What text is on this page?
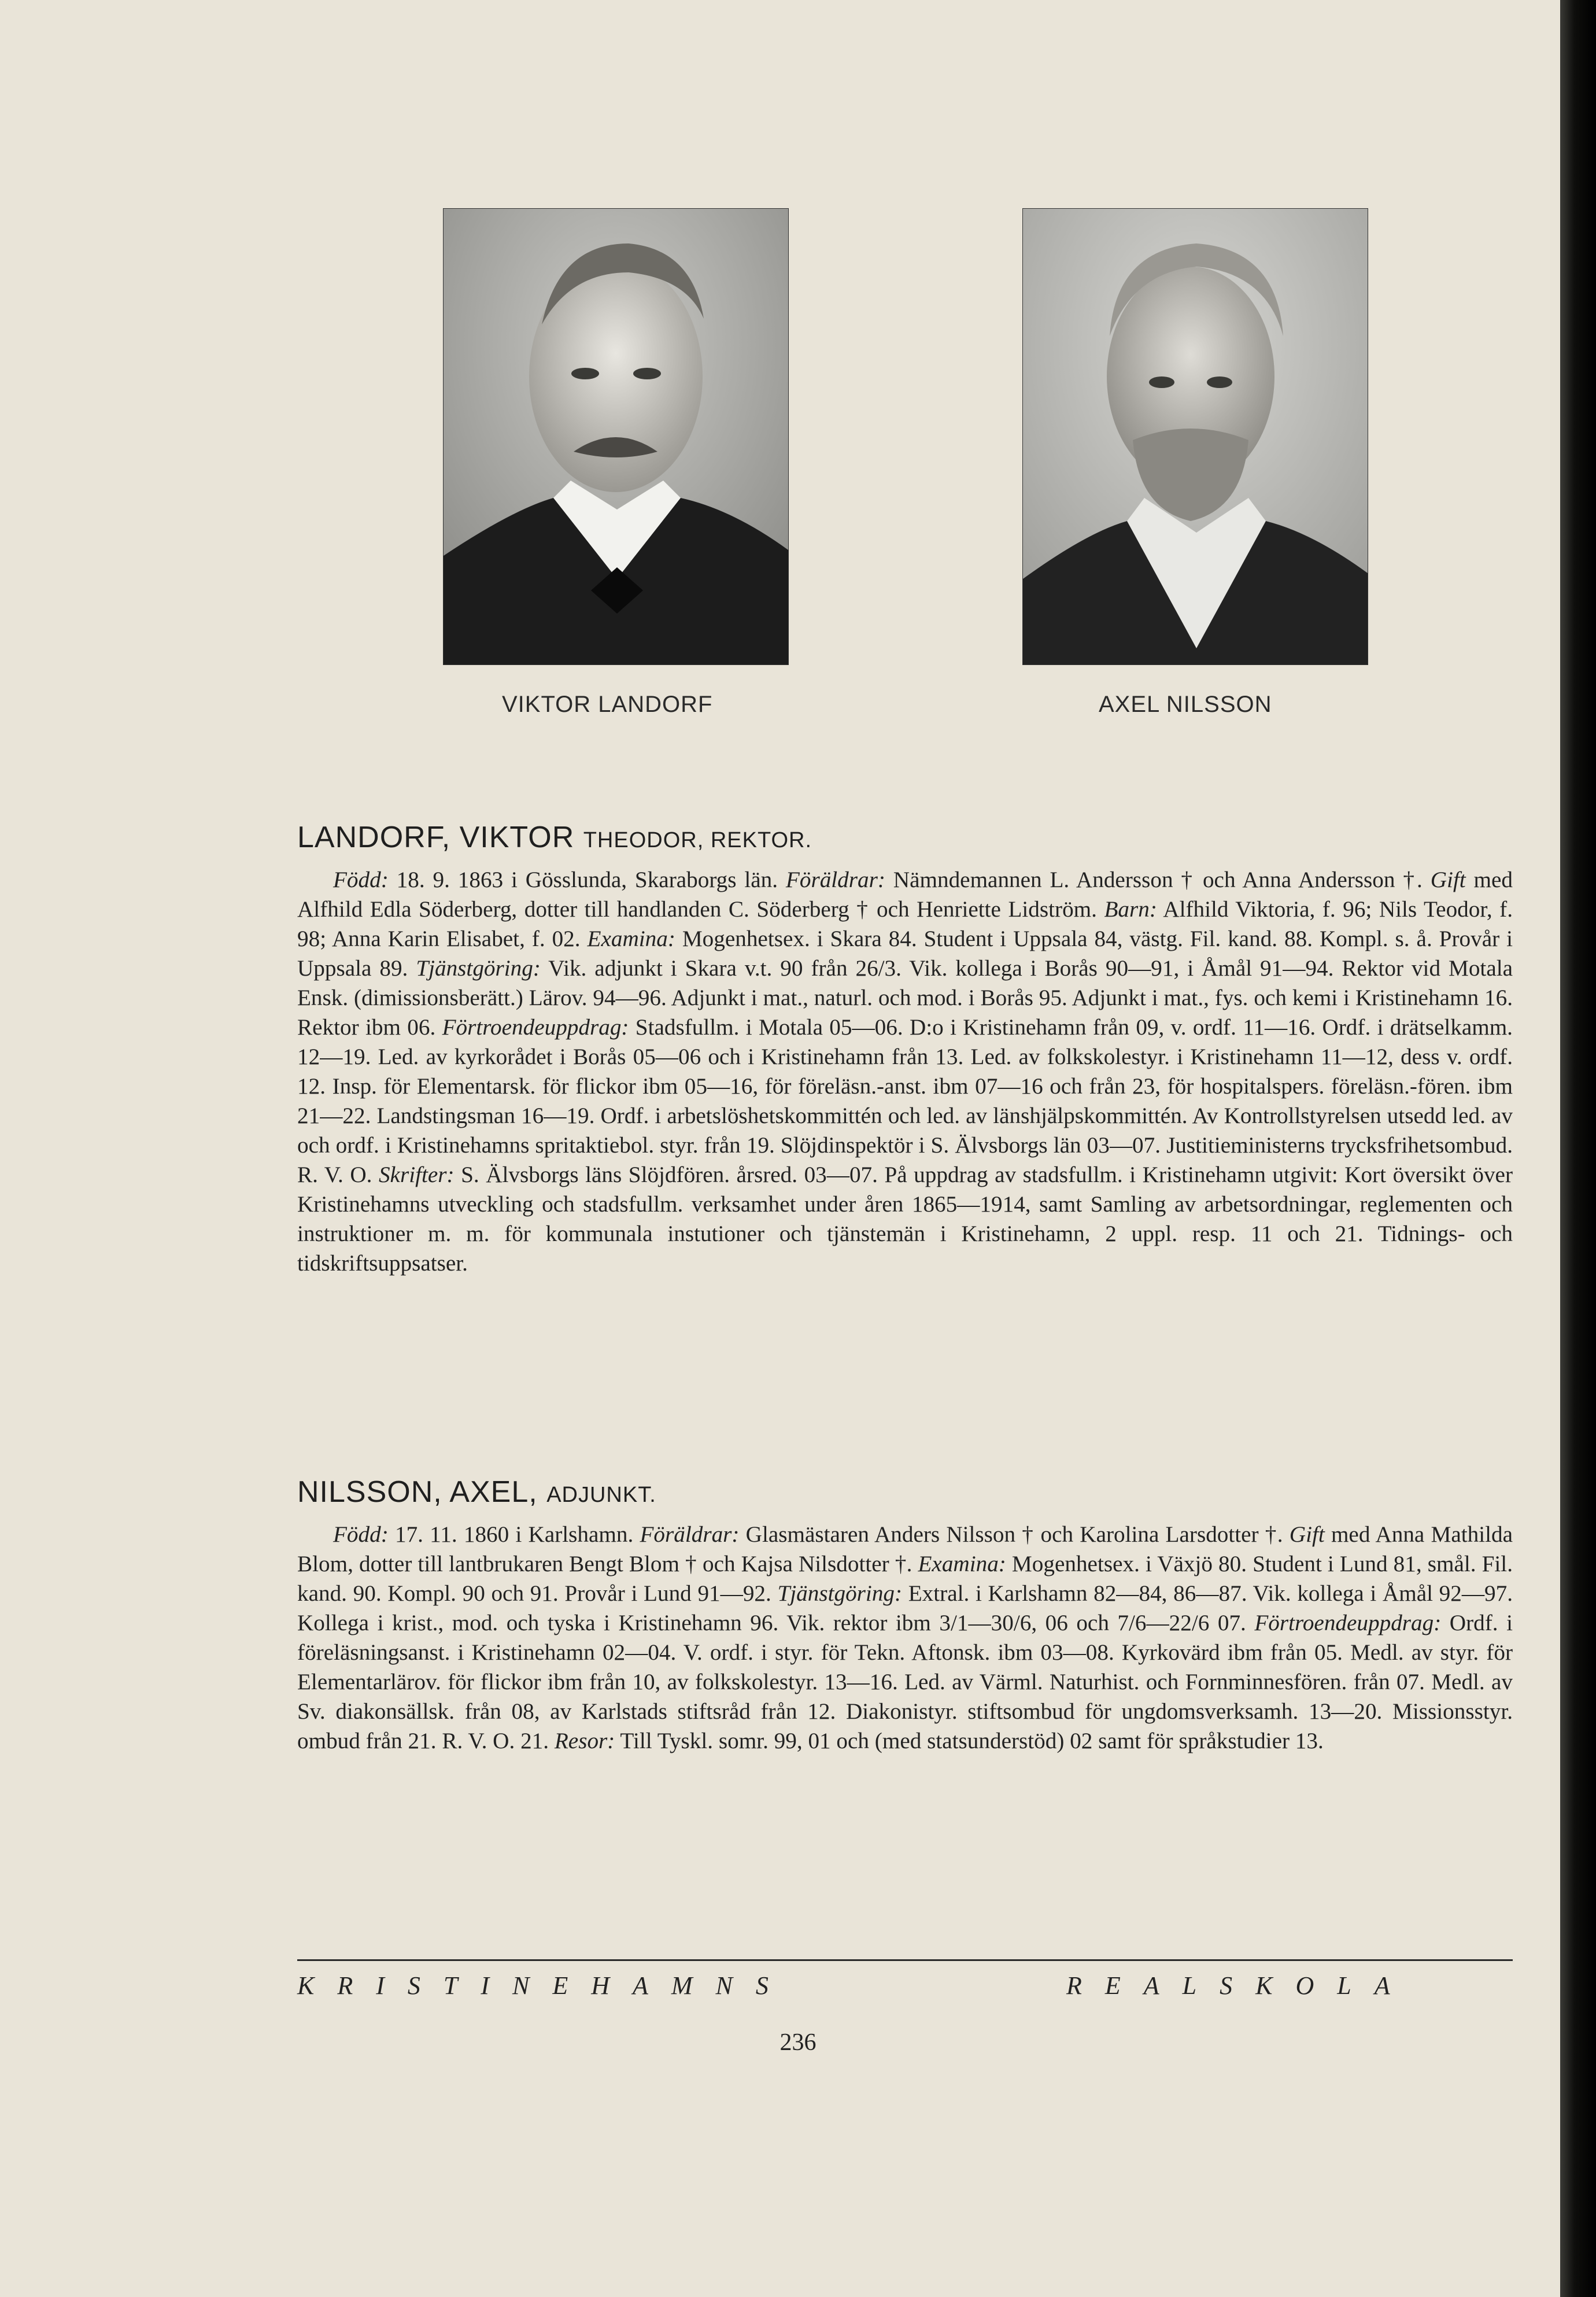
VIKTOR LANDORF	AXEL NILSSON
LANDORF, VIKTOR THEODOR, REKTOR.

Född: 18. 9. 1863 i Gösslunda, Skaraborgs län. Föräldrar: Nämndemannen L. Andersson † och Anna Andersson †. Gift med Alfhild Edla Söderberg, dotter till handlanden C. Söderberg † och Henriette Lidström. Barn: Alfhild Viktoria, f. 96; Nils Teodor, f. 98; Anna Karin Elisabet, f. 02. Examina: Mogenhetsex. i Skara 84. Student i Uppsala 84, västg. Fil. kand. 88. Kompl. s. å. Provår i Uppsala 89. Tjänstgöring: Vik. adjunkt i Skara v.t. 90 från 26/3. Vik. kollega i Borås 90—91, i Åmål 91—94. Rektor vid Motala Ensk. (dimissionsberätt.) Lärov. 94—96. Adjunkt i mat., naturl. och mod. i Borås 95. Adjunkt i mat., fys. och kemi i Kristinehamn 16. Rektor ibm 06. Förtroendeuppdrag: Stadsfullm. i Motala 05—06. D:o i Kristinehamn från 09, v. ordf. 11—16. Ordf. i drätselkamm. 12—19. Led. av kyrkorådet i Borås 05—06 och i Kristinehamn från 13. Led. av folkskolestyr. i Kristinehamn 11—12, dess v. ordf. 12. Insp. för Elementarsk. för flickor ibm 05—16, för föreläsn.-anst. ibm 07—16 och från 23, för hospitalspers. föreläsn.-fören. ibm 21—22. Landstingsman 16—19. Ordf. i arbetslöshetskommittén och led. av länshjälpskommittén. Av Kontrollstyrelsen utsedd led. av och ordf. i Kristinehamns spritaktiebol. styr. från 19. Slöjdinspektör i S. Älvsborgs län 03—07. Justitieministerns trycksfrihetsombud. R. V. O. Skrifter: S. Älvsborgs läns Slöjdfören. årsred. 03—07. På uppdrag av stadsfullm. i Kristinehamn utgivit: Kort översikt över Kristinehamns utveckling och stadsfullm. verksamhet under åren 1865—1914, samt Samling av arbetsordningar, reglementen och instruktioner m. m. för kommunala instutioner och tjänstemän i Kristinehamn, 2 uppl. resp. 11 och 21. Tidnings- och tidskriftsuppsatser.

NILSSON, AXEL, ADJUNKT.

Född: 17. 11. 1860 i Karlshamn. Föräldrar: Glasmästaren Anders Nilsson † och Karolina Larsdotter †. Gift med Anna Mathilda Blom, dotter till lantbrukaren Bengt Blom † och Kajsa Nilsdotter †. Examina: Mogenhetsex. i Växjö 80. Student i Lund 81, smål. Fil. kand. 90. Kompl. 90 och 91. Provår i Lund 91—92. Tjänstgöring: Extral. i Karlshamn 82—84, 86—87. Vik. kollega i Åmål 92—97. Kollega i krist., mod. och tyska i Kristinehamn 96. Vik. rektor ibm 3/1—30/6, 06 och 7/6—22/6 07. Förtroendeuppdrag: Ordf. i föreläsningsanst. i Kristinehamn 02—04. V. ordf. i styr. för Tekn. Aftonsk. ibm 03—08. Kyrkovärd ibm från 05. Medl. av styr. för Elementarlärov. för flickor ibm från 10, av folkskolestyr. 13—16. Led. av Värml. Naturhist. och Fornminnesfören. från 07. Medl. av Sv. diakonsällsk. från 08, av Karlstads stiftsråd från 12. Diakonistyr. stiftsombud för ungdomsverksamh. 13—20. Missionsstyr. ombud från 21. R. V. O. 21. Resor: Till Tyskl. somr. 99, 01 och (med statsunderstöd) 02 samt för språkstudier 13.

KRISTINEHAMNS	REALSKOLA
236
